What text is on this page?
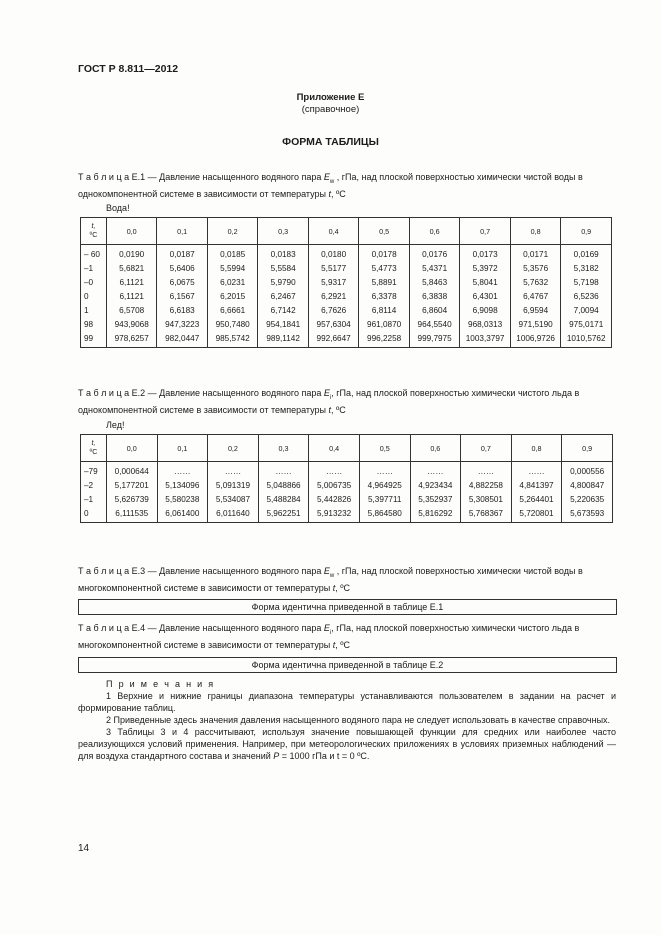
ГОСТ Р 8.811—2012
Приложение Е
(справочное)
ФОРМА ТАБЛИЦЫ
Т а б л и ц а Е.1 — Давление насыщенного водяного пара $E_w$ , гПа, над плоской поверхностью химически чистой воды в однокомпонентной системе в зависимости от температуры t, ºС
Вода!
t,
ºС	0,0	0,1	0,2	0,3	0,4	0,5	0,6	0,7	0,8	0,9
– 60	0,0190	0,0187	0,0185	0,0183	0,0180	0,0178	0,0176	0,0173	0,0171	0,0169
–1	5,6821	5,6406	5,5994	5,5584	5,5177	5,4773	5,4371	5,3972	5,3576	5,3182
–0	6,1121	6,0675	6,0231	5,9790	5,9317	5,8891	5,8463	5,8041	5,7632	5,7198
0	6,1121	6,1567	6,2015	6,2467	6,2921	6,3378	6,3838	6,4301	6,4767	6,5236
1	6,5708	6,6183	6,6661	6,7142	6,7626	6,8114	6,8604	6,9098	6,9594	7,0094
98	943,9068	947,3223	950,7480	954,1841	957,6304	961,0870	964,5540	968,0313	971,5190	975,0171
99	978,6257	982,0447	985,5742	989,1142	992,6647	996,2258	999,7975	1003,3797	1006,9726	1010,5762
Т а б л и ц а Е.2 — Давление насыщенного водяного пара $E_i$, гПа, над плоской поверхностью химически чистого льда в однокомпонентной системе в зависимости от температуры t, ºС
Лед!
t,
ºС	0,0	0,1	0,2	0,3	0,4	0,5	0,6	0,7	0,8	0,9
–79	0,000644	……	……	……	……	……	……	……	……	0,000556
–2	5,177201	5,134096	5,091319	5,048866	5,006735	4,964925	4,923434	4,882258	4,841397	4,800847
–1	5,626739	5,580238	5,534087	5,488284	5,442826	5,397711	5,352937	5,308501	5,264401	5,220635
0	6,111535	6,061400	6,011640	5,962251	5,913232	5,864580	5,816292	5,768367	5,720801	5,673593
Т а б л и ц а Е.3 — Давление насыщенного водяного пара $E_w$ , гПа, над плоской поверхностью химически чистой воды в многокомпонентной системе в зависимости от температуры t, ºС
Форма идентична приведенной в таблице Е.1
Т а б л и ц а Е.4 — Давление насыщенного водяного пара $E_i$, гПа, над плоской поверхностью химически чистого льда в многокомпонентной системе в зависимости от температуры t, ºС
Форма идентична приведенной в таблице Е.2

П р и м е ч а н и я

1 Верхние и нижние границы диапазона температуры устанавливаются пользователем в задании на расчет и формирование таблиц.

2 Приведенные здесь значения давления насыщенного водяного пара не следует использовать в качестве справочных.

3 Таблицы 3 и 4 рассчитывают, используя значение повышающей функции для средних или наиболее часто реализующихся условий применения. Например, при метеорологических приложениях в условиях приземных наблюдений — для воздуха стандартного состава и значений P = 1000 гПа и t = 0 ºС.

14
